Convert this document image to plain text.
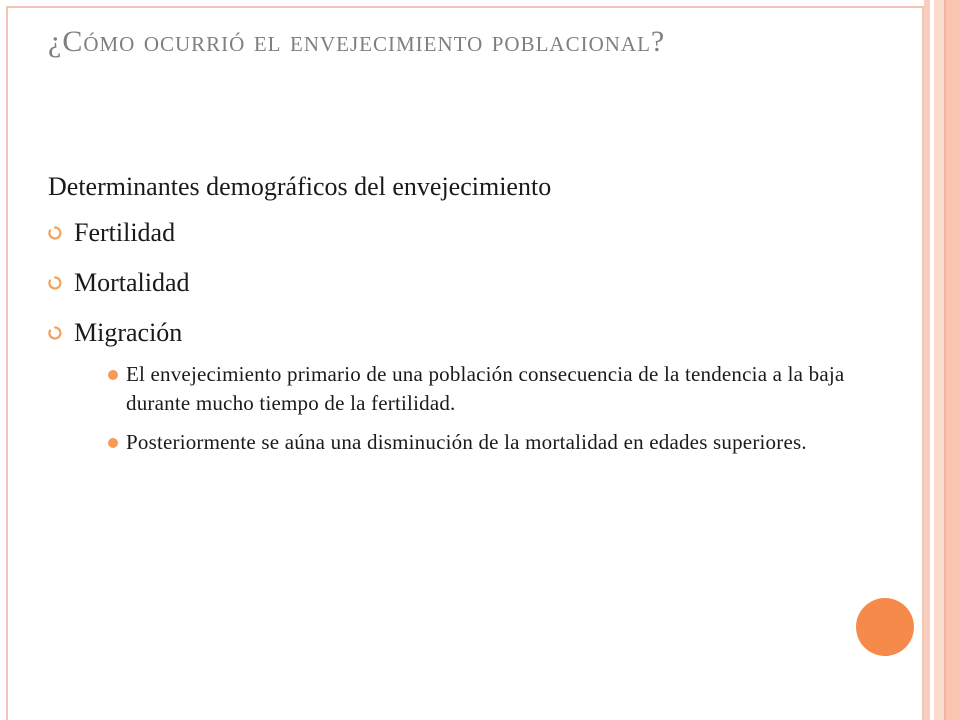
¿Cómo ocurrió el envejecimiento poblacional?

Determinantes demográficos del envejecimiento

Fertilidad
Mortalidad
Migración
El envejecimiento primario de una población consecuencia de la tendencia a la baja durante mucho tiempo de la fertilidad.
Posteriormente se aúna una disminución de la mortalidad en edades superiores.
